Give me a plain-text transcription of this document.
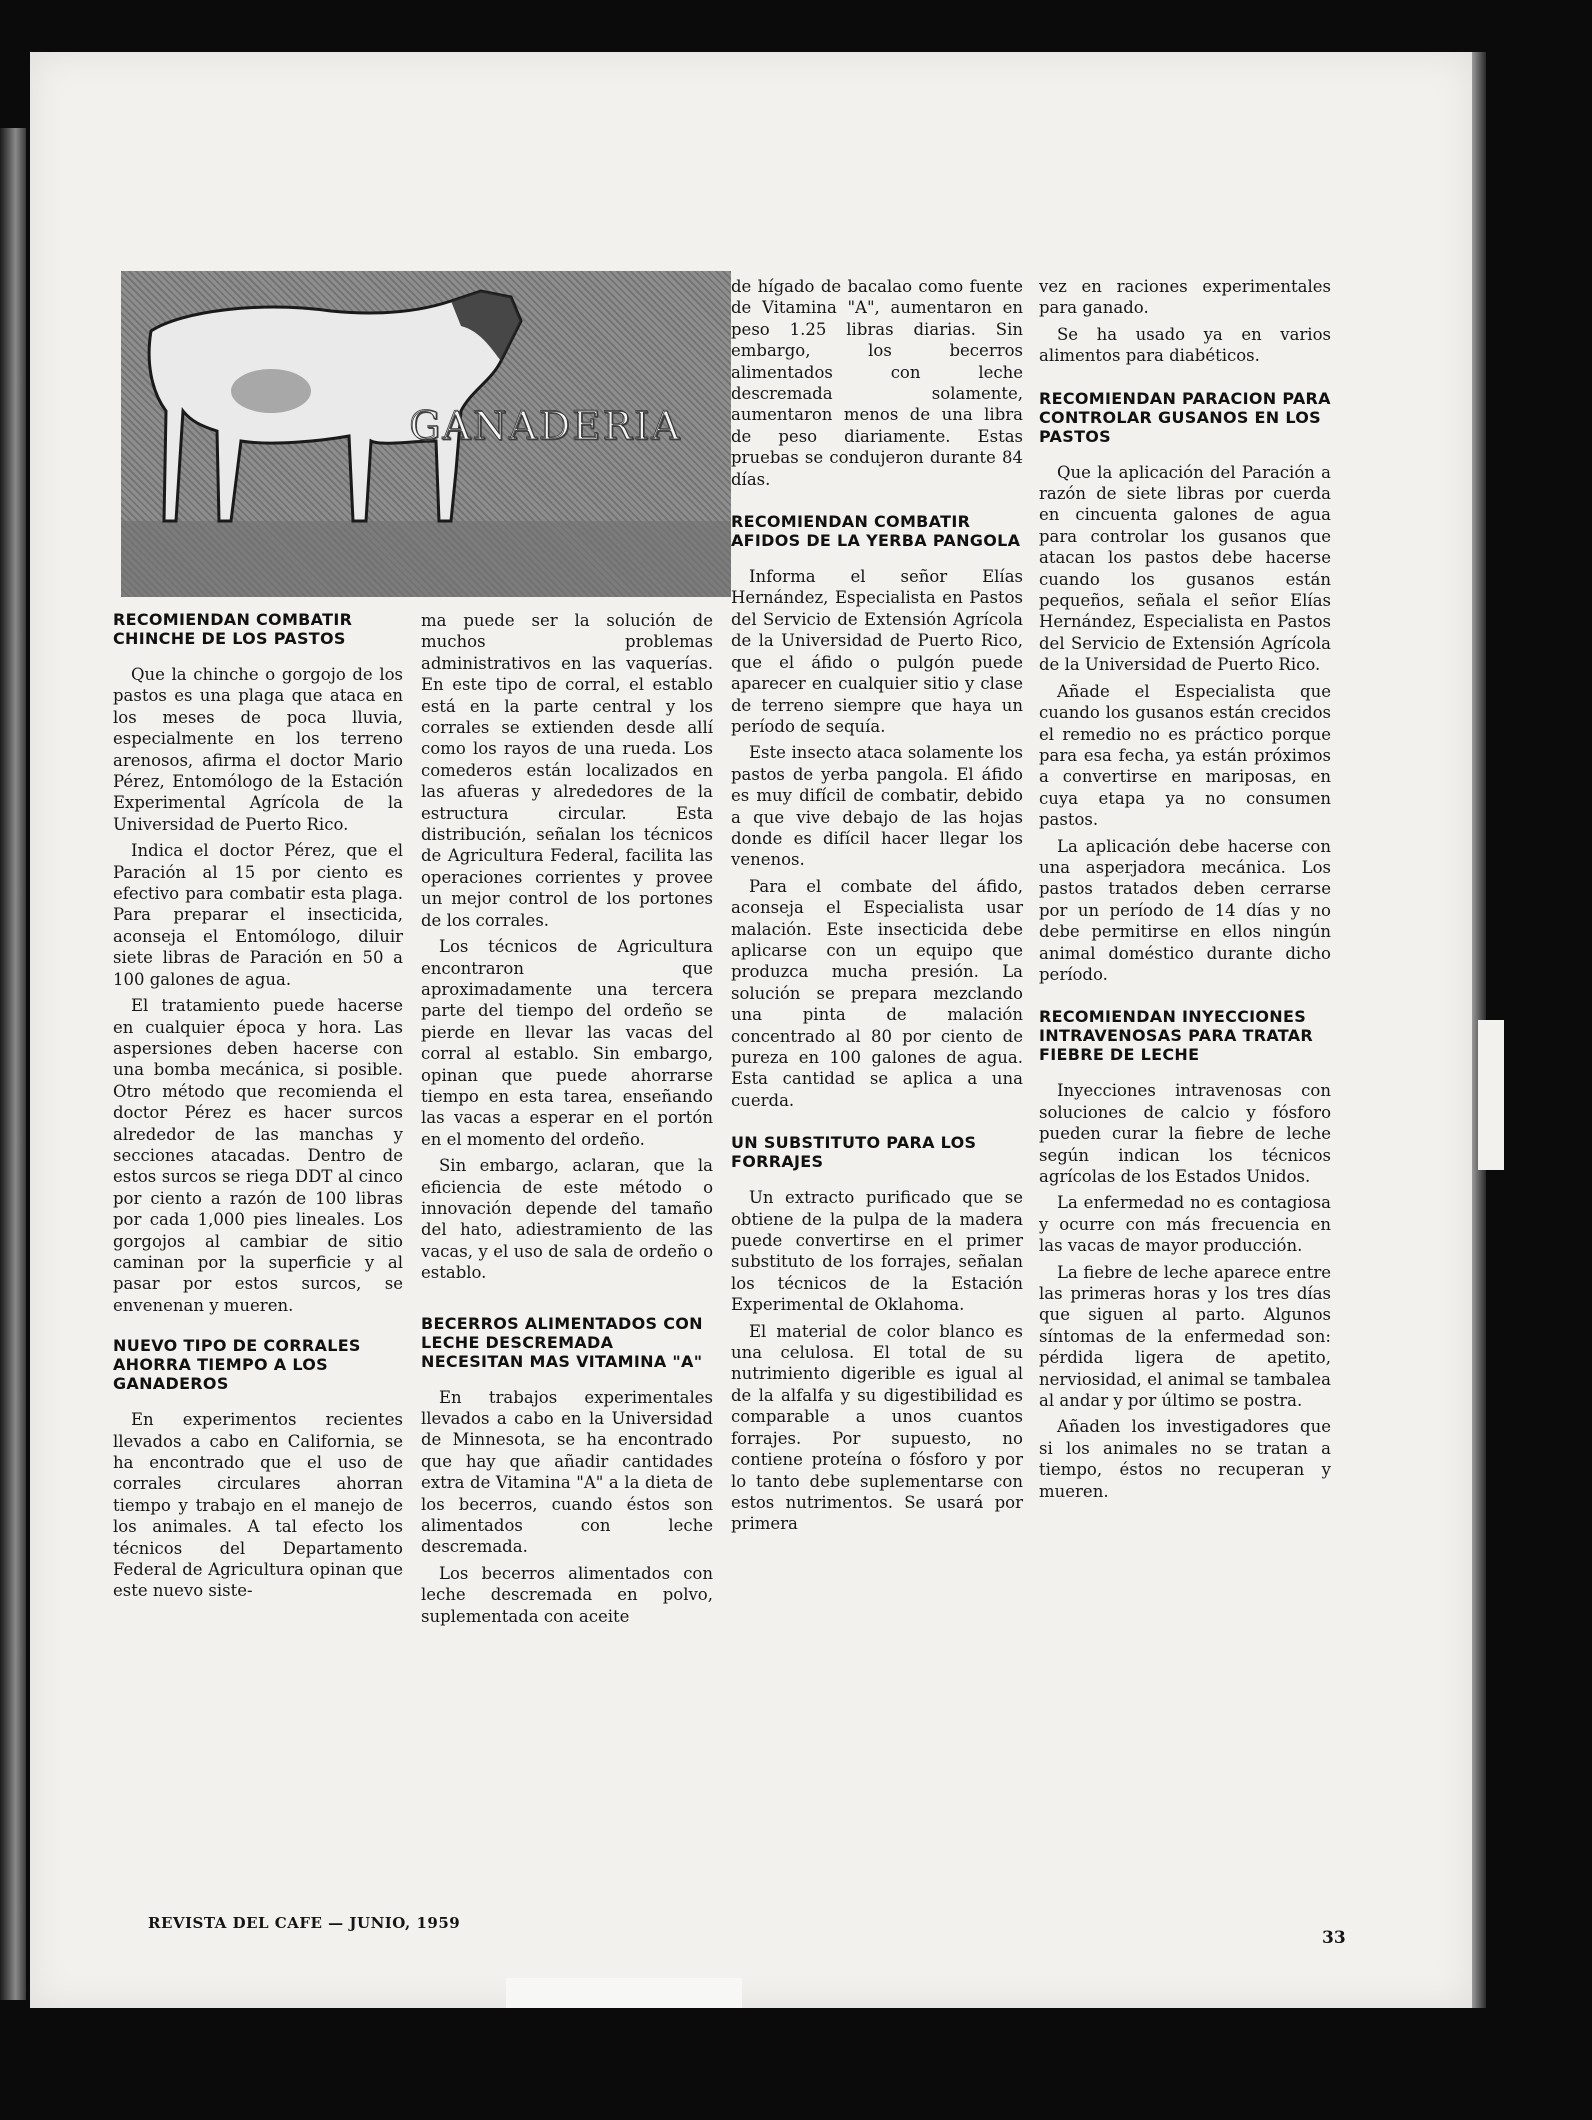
GANADERIA
RECOMIENDAN COMBATIR CHINCHE DE LOS PASTOS

Que la chinche o gorgojo de los pastos es una plaga que ataca en los meses de poca lluvia, especialmente en los terreno arenosos, afirma el doctor Mario Pérez, Entomólogo de la Estación Experimental Agrícola de la Universidad de Puerto Rico.

Indica el doctor Pérez, que el Paración al 15 por ciento es efectivo para combatir esta plaga. Para preparar el insecticida, aconseja el Entomólogo, diluir siete libras de Paración en 50 a 100 galones de agua.

El tratamiento puede hacerse en cualquier época y hora. Las aspersiones deben hacerse con una bomba mecánica, si posible. Otro método que recomienda el doctor Pérez es hacer surcos alrededor de las manchas y secciones atacadas. Dentro de estos surcos se riega DDT al cinco por ciento a razón de 100 libras por cada 1,000 pies lineales. Los gorgojos al cambiar de sitio caminan por la superficie y al pasar por estos surcos, se envenenan y mueren.

NUEVO TIPO DE CORRALES AHORRA TIEMPO A LOS GANADEROS

En experimentos recientes llevados a cabo en California, se ha encontrado que el uso de corrales circulares ahorran tiempo y trabajo en el manejo de los animales. A tal efecto los técnicos del Departamento Federal de Agricultura opinan que este nuevo siste-

ma puede ser la solución de muchos problemas administrativos en las vaquerías. En este tipo de corral, el establo está en la parte central y los corrales se extienden desde allí como los rayos de una rueda. Los comederos están localizados en las afueras y alrededores de la estructura circular. Esta distribución, señalan los técnicos de Agricultura Federal, facilita las operaciones corrientes y provee un mejor control de los portones de los corrales.

Los técnicos de Agricultura encontraron que aproximadamente una tercera parte del tiempo del ordeño se pierde en llevar las vacas del corral al establo. Sin embargo, opinan que puede ahorrarse tiempo en esta tarea, enseñando las vacas a esperar en el portón en el momento del ordeño.

Sin embargo, aclaran, que la eficiencia de este método o innovación depende del tamaño del hato, adiestramiento de las vacas, y el uso de sala de ordeño o establo.

BECERROS ALIMENTADOS CON LECHE DESCREMADA NECESITAN MAS VITAMINA "A"

En trabajos experimentales llevados a cabo en la Universidad de Minnesota, se ha encontrado que hay que añadir cantidades extra de Vitamina "A" a la dieta de los becerros, cuando éstos son alimentados con leche descremada.

Los becerros alimentados con leche descremada en polvo, suplementada con aceite

de hígado de bacalao como fuente de Vitamina "A", aumentaron en peso 1.25 libras diarias. Sin embargo, los becerros alimentados con leche descremada solamente, aumentaron menos de una libra de peso diariamente. Estas pruebas se condujeron durante 84 días.

RECOMIENDAN COMBATIR AFIDOS DE LA YERBA PANGOLA

Informa el señor Elías Hernández, Especialista en Pastos del Servicio de Extensión Agrícola de la Universidad de Puerto Rico, que el áfido o pulgón puede aparecer en cualquier sitio y clase de terreno siempre que haya un período de sequía.

Este insecto ataca solamente los pastos de yerba pangola. El áfido es muy difícil de combatir, debido a que vive debajo de las hojas donde es difícil hacer llegar los venenos.

Para el combate del áfido, aconseja el Especialista usar malación. Este insecticida debe aplicarse con un equipo que produzca mucha presión. La solución se prepara mezclando una pinta de malación concentrado al 80 por ciento de pureza en 100 galones de agua. Esta cantidad se aplica a una cuerda.

UN SUBSTITUTO PARA LOS FORRAJES

Un extracto purificado que se obtiene de la pulpa de la madera puede convertirse en el primer substituto de los forrajes, señalan los técnicos de la Estación Experimental de Oklahoma.

El material de color blanco es una celulosa. El total de su nutrimiento digerible es igual al de la alfalfa y su digestibilidad es comparable a unos cuantos forrajes. Por supuesto, no contiene proteína o fósforo y por lo tanto debe suplementarse con estos nutrimentos. Se usará por primera

vez en raciones experimentales para ganado.

Se ha usado ya en varios alimentos para diabéticos.

RECOMIENDAN PARACION PARA CONTROLAR GUSANOS EN LOS PASTOS

Que la aplicación del Paración a razón de siete libras por cuerda en cincuenta galones de agua para controlar los gusanos que atacan los pastos debe hacerse cuando los gusanos están pequeños, señala el señor Elías Hernández, Especialista en Pastos del Servicio de Extensión Agrícola de la Universidad de Puerto Rico.

Añade el Especialista que cuando los gusanos están crecidos el remedio no es práctico porque para esa fecha, ya están próximos a convertirse en mariposas, en cuya etapa ya no consumen pastos.

La aplicación debe hacerse con una asperjadora mecánica. Los pastos tratados deben cerrarse por un período de 14 días y no debe permitirse en ellos ningún animal doméstico durante dicho período.

RECOMIENDAN INYECCIONES INTRAVENOSAS PARA TRATAR FIEBRE DE LECHE

Inyecciones intravenosas con soluciones de calcio y fósforo pueden curar la fiebre de leche según indican los técnicos agrícolas de los Estados Unidos.

La enfermedad no es contagiosa y ocurre con más frecuencia en las vacas de mayor producción.

La fiebre de leche aparece entre las primeras horas y los tres días que siguen al parto. Algunos síntomas de la enfermedad son: pérdida ligera de apetito, nerviosidad, el animal se tambalea al andar y por último se postra.

Añaden los investigadores que si los animales no se tratan a tiempo, éstos no recuperan y mueren.

REVISTA DEL CAFE — JUNIO, 1959
33
